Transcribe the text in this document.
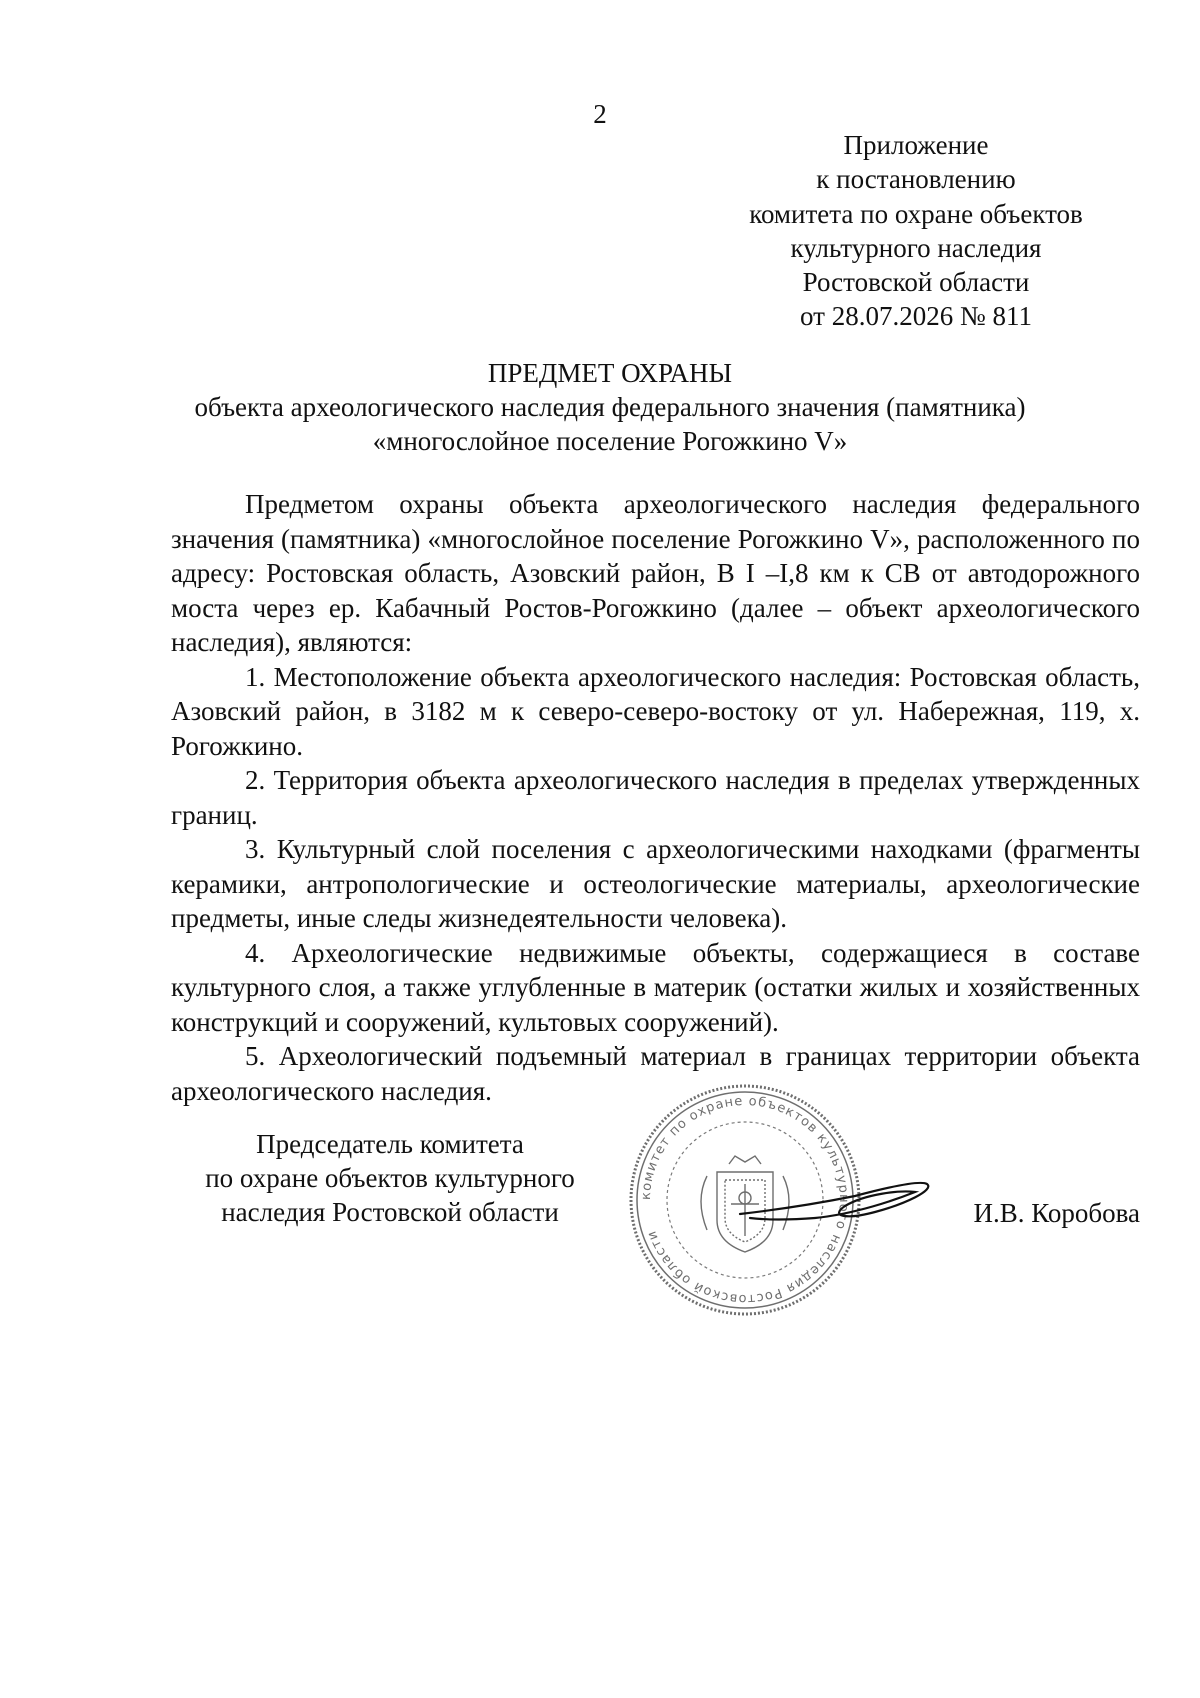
2
Приложение
к постановлению
комитета по охране объектов
культурного наследия
Ростовской области
от 28.07.2026 № 811
ПРЕДМЕТ ОХРАНЫ
объекта археологического наследия федерального значения (памятника)
«многослойное поселение Рогожкино V»

Предметом охраны объекта археологического наследия федерального значения (памятника) «многослойное поселение Рогожкино V», расположенного по адресу: Ростовская область, Азовский район, В I –I,8 км к СВ от автодорожного моста через ер. Кабачный Ростов-Рогожкино (далее – объект археологического наследия), являются:

1. Местоположение объекта археологического наследия: Ростовская область, Азовский район, в 3182 м к северо-северо-востоку от ул. Набережная, 119, х. Рогожкино.

2. Территория объекта археологического наследия в пределах утвержденных границ.

3. Культурный слой поселения с археологическими находками (фрагменты керамики, антропологические и остеологические материалы, археологические предметы, иные следы жизнедеятельности человека).

4. Археологические недвижимые объекты, содержащиеся в составе культурного слоя, а также углубленные в материк (остатки жилых и хозяйственных конструкций и сооружений, культовых сооружений).

5. Археологический подъемный материал в границах территории объекта археологического наследия.

Председатель комитета
по охране объектов культурного
наследия Ростовской области
комитет по охране объектов культурного наследия Ростовской области
И.В. Коробова
